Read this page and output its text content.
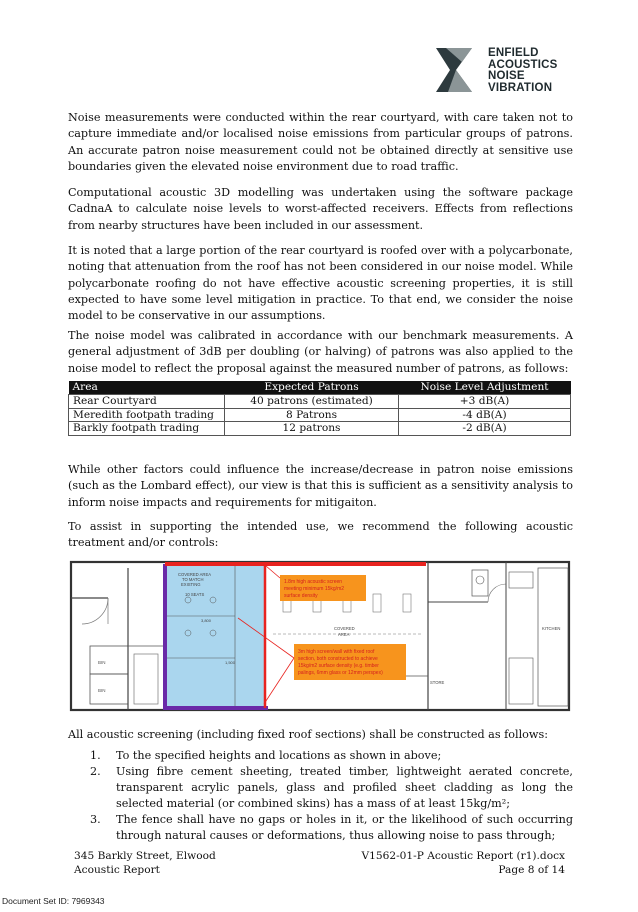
ENFIELD
ACOUSTICS
NOISE
VIBRATION

Noise measurements were conducted within the rear courtyard, with care taken not to capture immediate and/or localised noise emissions from particular groups of patrons. An accurate patron noise measurement could not be obtained directly at sensitive use boundaries given the elevated noise environment due to road traffic.

Computational acoustic 3D modelling was undertaken using the software package CadnaA to calculate noise levels to worst-affected receivers. Effects from reflections from nearby structures have been included in our assessment.

It is noted that a large portion of the rear courtyard is roofed over with a polycarbonate, noting that attenuation from the roof has not been considered in our noise model. While polycarbonate roofing do not have effective acoustic screening properties, it is still expected to have some level mitigation in practice. To that end, we consider the noise model to be conservative in our assumptions.

The noise model was calibrated in accordance with our benchmark measurements. A general adjustment of 3dB per doubling (or halving) of patrons was also applied to the noise model to reflect the proposal against the measured number of patrons, as follows:

Area	Expected Patrons	Noise Level Adjustment
Rear Courtyard	40 patrons (estimated)	+3 dB(A)
Meredith footpath trading	8 Patrons	-4 dB(A)
Barkly footpath trading	12 patrons	-2 dB(A)

While other factors could influence the increase/decrease in patron noise emissions (such as the Lombard effect), our view is that this is sufficient as a sensitivity analysis to inform noise impacts and requirements for mitigaiton.

To assist in supporting the intended use, we recommend the following acoustic treatment and/or controls:

BIN
BIN
COVERED AREA
TO MATCH
EXISTING
10 SEATS
3,800
1,500
COVERED
AREA
STORE
KITCHEN
1.8m high acoustic screen
meeting minimum 15kg/m2
surface density
3m high screen/wall with fixed roof
section, both constructed to achieve
15kg/m2 surface density (e.g. timber
palings, 6mm glass or 12mm perspex)

All acoustic screening (including fixed roof sections) shall be constructed as follows:

1. To the specified heights and locations as shown in above;
2. Using fibre cement sheeting, treated timber, lightweight aerated concrete, transparent acrylic panels, glass and profiled sheet cladding as long the selected material (or combined skins) has a mass of at least 15kg/m²;
3. The fence shall have no gaps or holes in it, or the likelihood of such occurring through natural causes or deformations, thus allowing noise to pass through;
345 Barkly Street, Elwood
Acoustic Report
V1562-01-P Acoustic Report (r1).docx
Page 8 of 14
Document Set ID: 7969343
